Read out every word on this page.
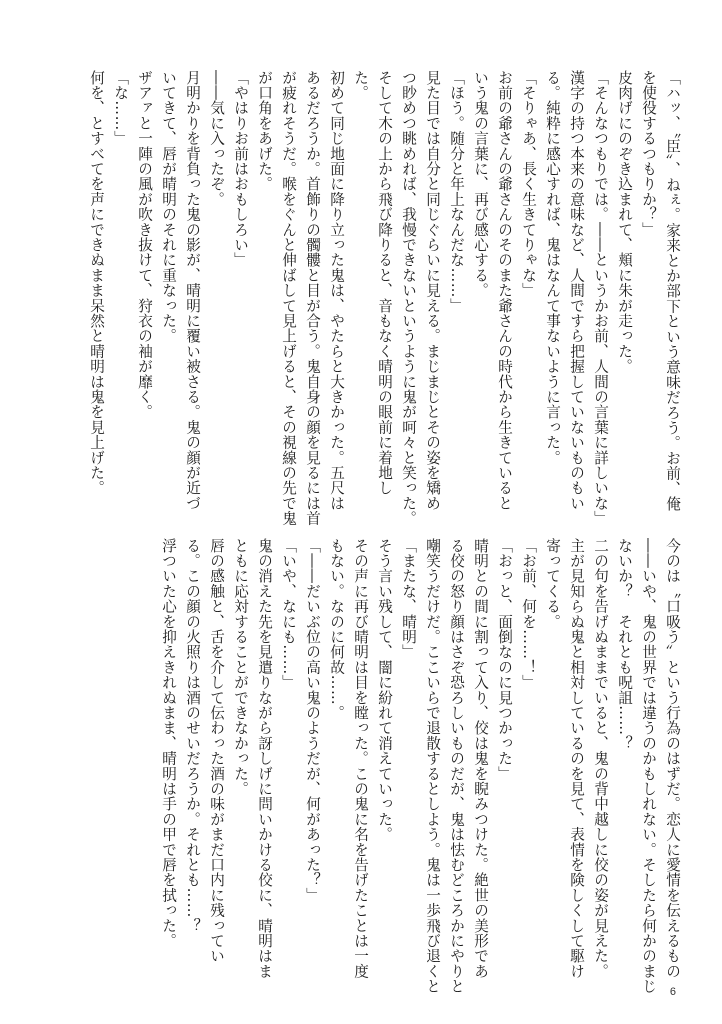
「ハッ、〝臣〟、ねぇ。家来とか部下という意味だろう。お前、俺
を使役するつもりか？」
皮肉げにのぞき込まれて、頬に朱が走った。
「そんなつもりでは。――というかお前、人間の言葉に詳しいな」
漢字の持つ本来の意味など、人間ですら把握していないものもい
る。純粋に感心すれば、鬼はなんて事ないように言った。
「そりゃあ、長く生きてりゃな」
お前の爺さんの爺さんのそのまた爺さんの時代から生きていると
いう鬼の言葉に、再び感心する。
「ほう。随分と年上なんだな……」
見た目では自分と同じぐらいに見える。まじまじとその姿を矯め
つ眇めつ眺めれば、我慢できないというように鬼が呵々と笑った。
そして木の上から飛び降りると、音もなく晴明の眼前に着地し
た。
初めて同じ地面に降り立った鬼は、やたらと大きかった。五尺は
あるだろうか。首飾りの髑髏と目が合う。鬼自身の顔を見るには首
が疲れそうだ。喉をぐんと伸ばして見上げると、その視線の先で鬼
が口角をあげた。
「やはりお前はおもしろい」
――気に入ったぞ。
月明かりを背負った鬼の影が、晴明に覆い被さる。鬼の顔が近づ
いてきて、唇が晴明のそれに重なった。
ザアァと一陣の風が吹き抜けて、狩衣の袖が靡く。
「な……」
何を、とすべてを声にできぬまま呆然と晴明は鬼を見上げた。
今のは〝口吸う〟という行為のはずだ。恋人に愛情を伝えるもの
――いや、鬼の世界では違うのかもしれない。そしたら何かのまじ
ないか？　それとも呪詛……？
二の句を告げぬままでいると、鬼の背中越しに佼の姿が見えた。
主が見知らぬ鬼と相対しているのを見て、表情を険しくして駆け
寄ってくる。
「お前、何を……！」
「おっと、面倒なのに見つかった」
晴明との間に割って入り、佼は鬼を睨みつけた。絶世の美形であ
る佼の怒り顔はさぞ恐ろしいものだが、鬼は怯むどころかにやりと
嘲笑うだけだ。ここいらで退散するとしよう。鬼は一歩飛び退くと
「またな、晴明」
そう言い残して、闇に紛れて消えていった。
その声に再び晴明は目を瞠った。この鬼に名を告げたことは一度
もない。なのに何故……。
「――だいぶ位の高い鬼のようだが、何があった？」
「いや、なにも……」
鬼の消えた先を見遣りながら訝しげに問いかける佼に、晴明はま
ともに応対することができなかった。
唇の感触と、舌を介して伝わった酒の味がまだ口内に残ってい
る。この顔の火照りは酒のせいだろうか。それとも……？
浮ついた心を抑えきれぬまま、晴明は手の甲で唇を拭った。
6
